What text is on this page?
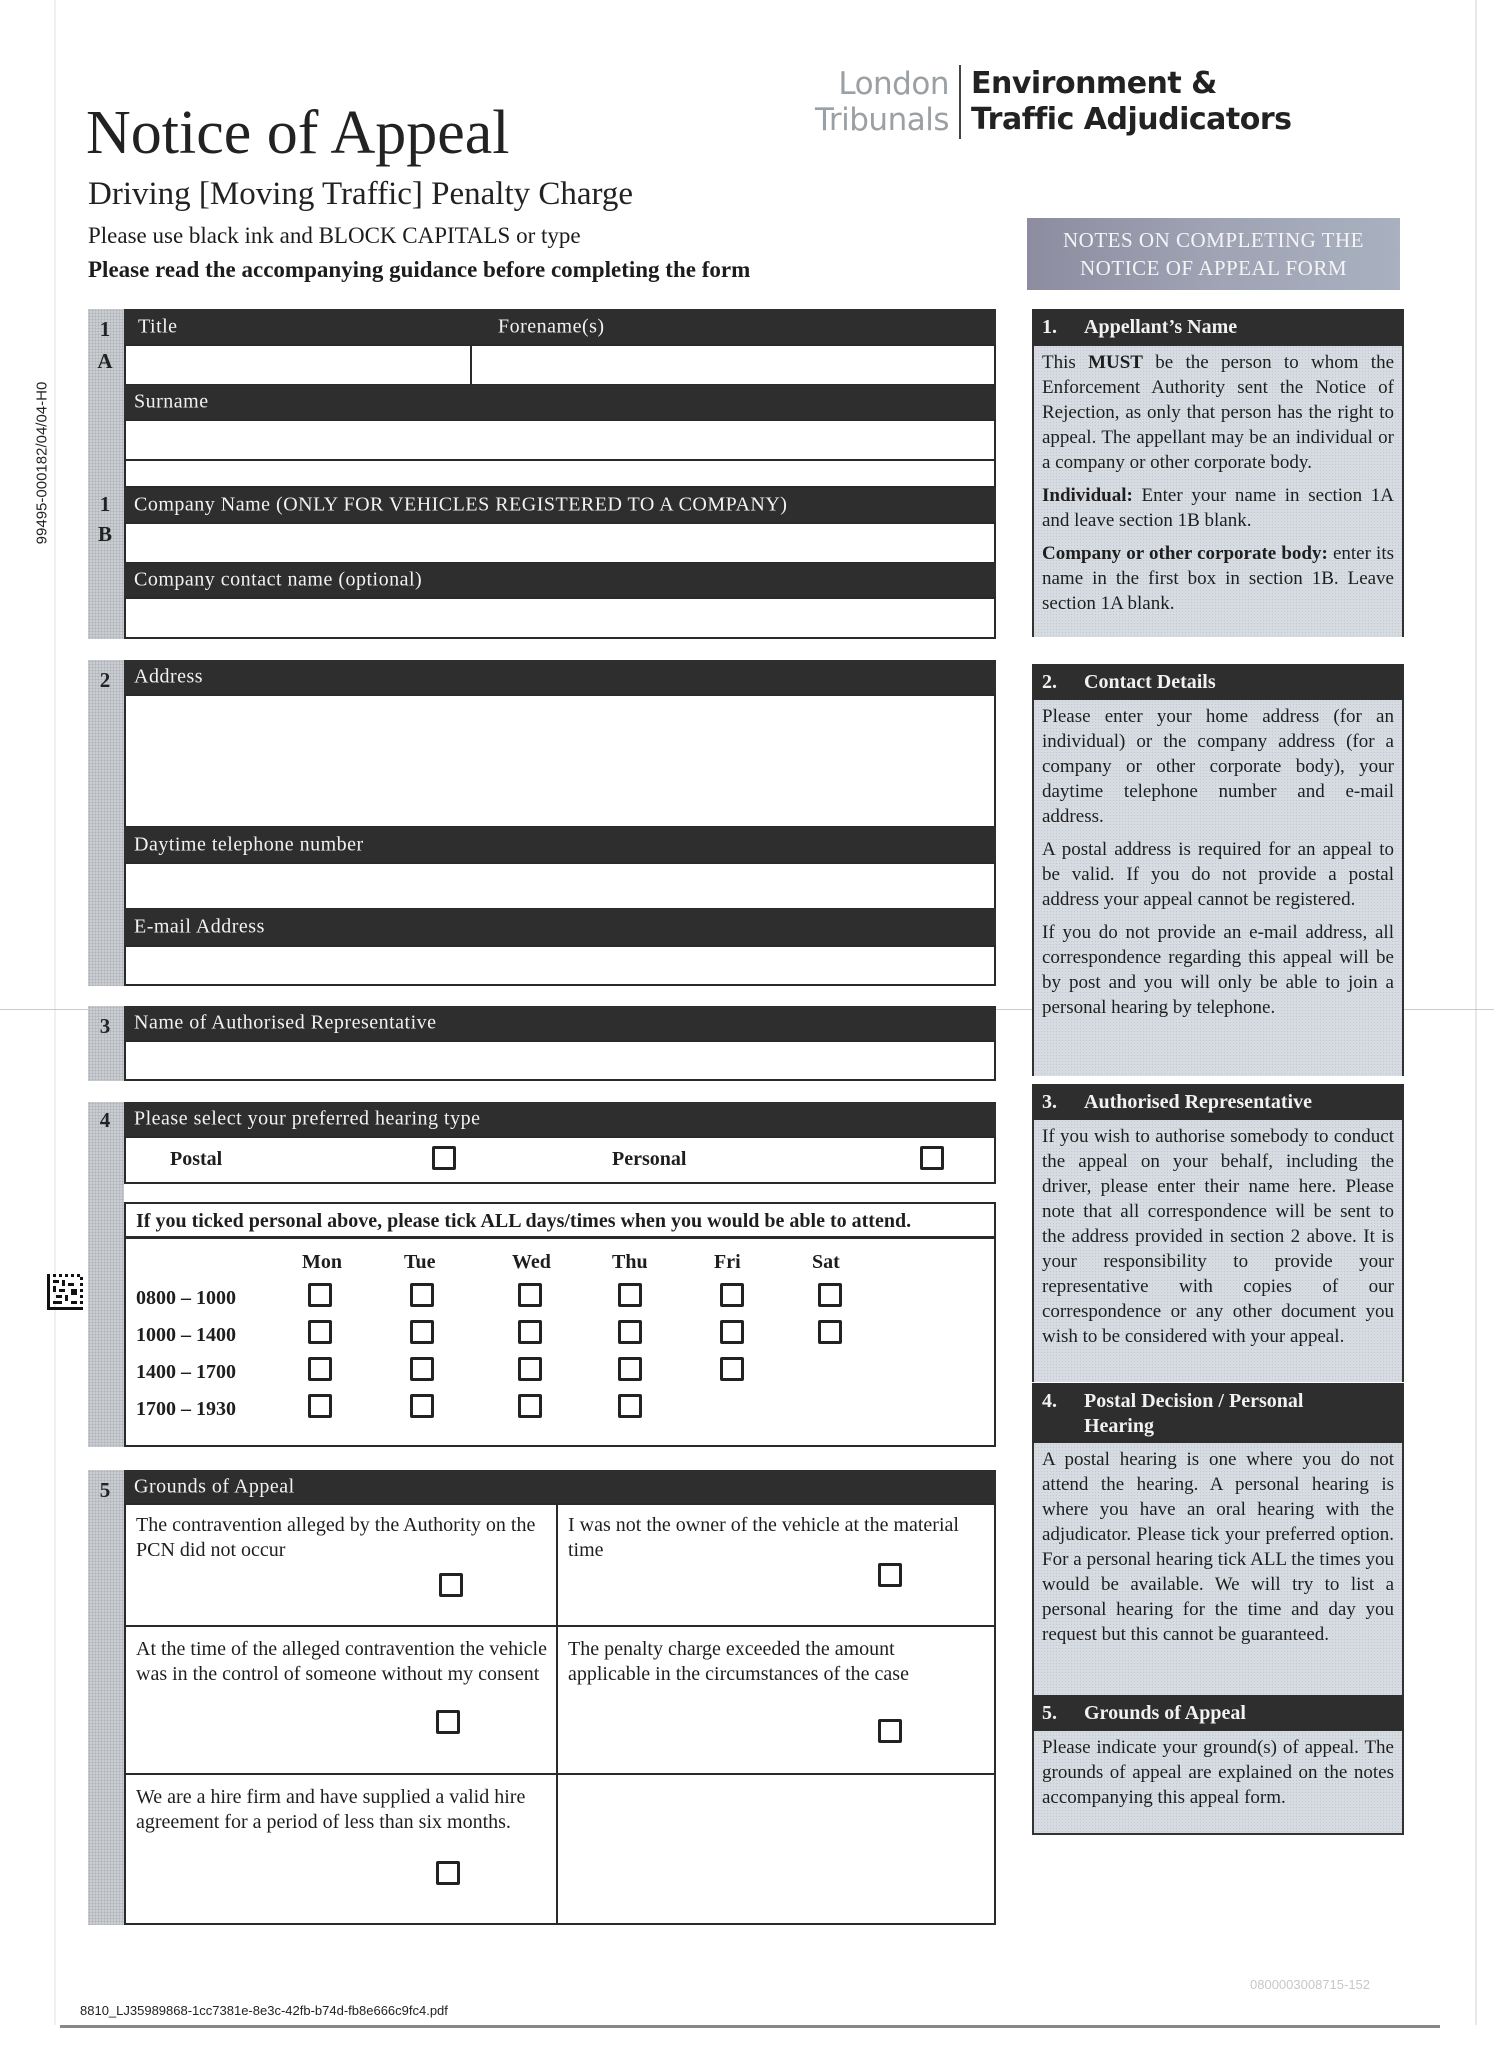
Notice of Appeal
Driving [Moving Traffic] Penalty Charge
Please use black ink and BLOCK CAPITALS or type
Please read the accompanying guidance before completing the form
London
Tribunals
Environment &
Traffic Adjudicators
NOTES ON COMPLETING THE
NOTICE OF APPEAL FORM
99495-000182/04/04-H0
1
A
Title	Forename(s)
Surname
1
B
Company Name (ONLY FOR VEHICLES REGISTERED TO A COMPANY)
Company contact name (optional)
2	Address
Daytime telephone number
E-mail Address
3	Name of Authorised Representative
4	Please select your preferred hearing type
Postal	Personal
If you ticked personal above, please tick ALL days/times when you would be able to attend.
Mon	Tue	Wed	Thu	Fri	Sat
0800 – 1000
1000 – 1400
1400 – 1700
1700 – 1930
5	Grounds of Appeal
The contravention alleged by the Authority on the PCN did not occur
I was not the owner of the vehicle at the material time
At the time of the alleged contravention the vehicle was in the control of someone without my consent
The penalty charge exceeded the amount applicable in the circumstances of the case
We are a hire firm and have supplied a valid hire agreement for a period of less than six months.
1. Appellant’s Name

This MUST be the person to whom the Enforcement Authority sent the Notice of Rejection, as only that person has the right to appeal. The appellant may be an individual or a company or other corporate body.

Individual: Enter your name in section 1A and leave section 1B blank.

Company or other corporate body: enter its name in the first box in section 1B. Leave section 1A blank.

2. Contact Details

Please enter your home address (for an individual) or the company address (for a company or other corporate body), your daytime telephone number and e-mail address.

A postal address is required for an appeal to be valid. If you do not provide a postal address your appeal cannot be registered.

If you do not provide an e-mail address, all correspondence regarding this appeal will be by post and you will only be able to join a personal hearing by telephone.

3. Authorised Representative

If you wish to authorise somebody to conduct the appeal on your behalf, including the driver, please enter their name here. Please note that all correspondence will be sent to the address provided in section 2 above. It is your responsibility to provide your representative with copies of our correspondence or any other document you wish to be considered with your appeal.

4. Postal Decision / Personal Hearing

A postal hearing is one where you do not attend the hearing. A personal hearing is where you have an oral hearing with the adjudicator. Please tick your preferred option. For a personal hearing tick ALL the times you would be available. We will try to list a personal hearing for the time and day you request but this cannot be guaranteed.

5. Grounds of Appeal

Please indicate your ground(s) of appeal. The grounds of appeal are explained on the notes accompanying this appeal form.

8810_LJ35989868-1cc7381e-8e3c-42fb-b74d-fb8e666c9fc4.pdf
0800003008715-152
